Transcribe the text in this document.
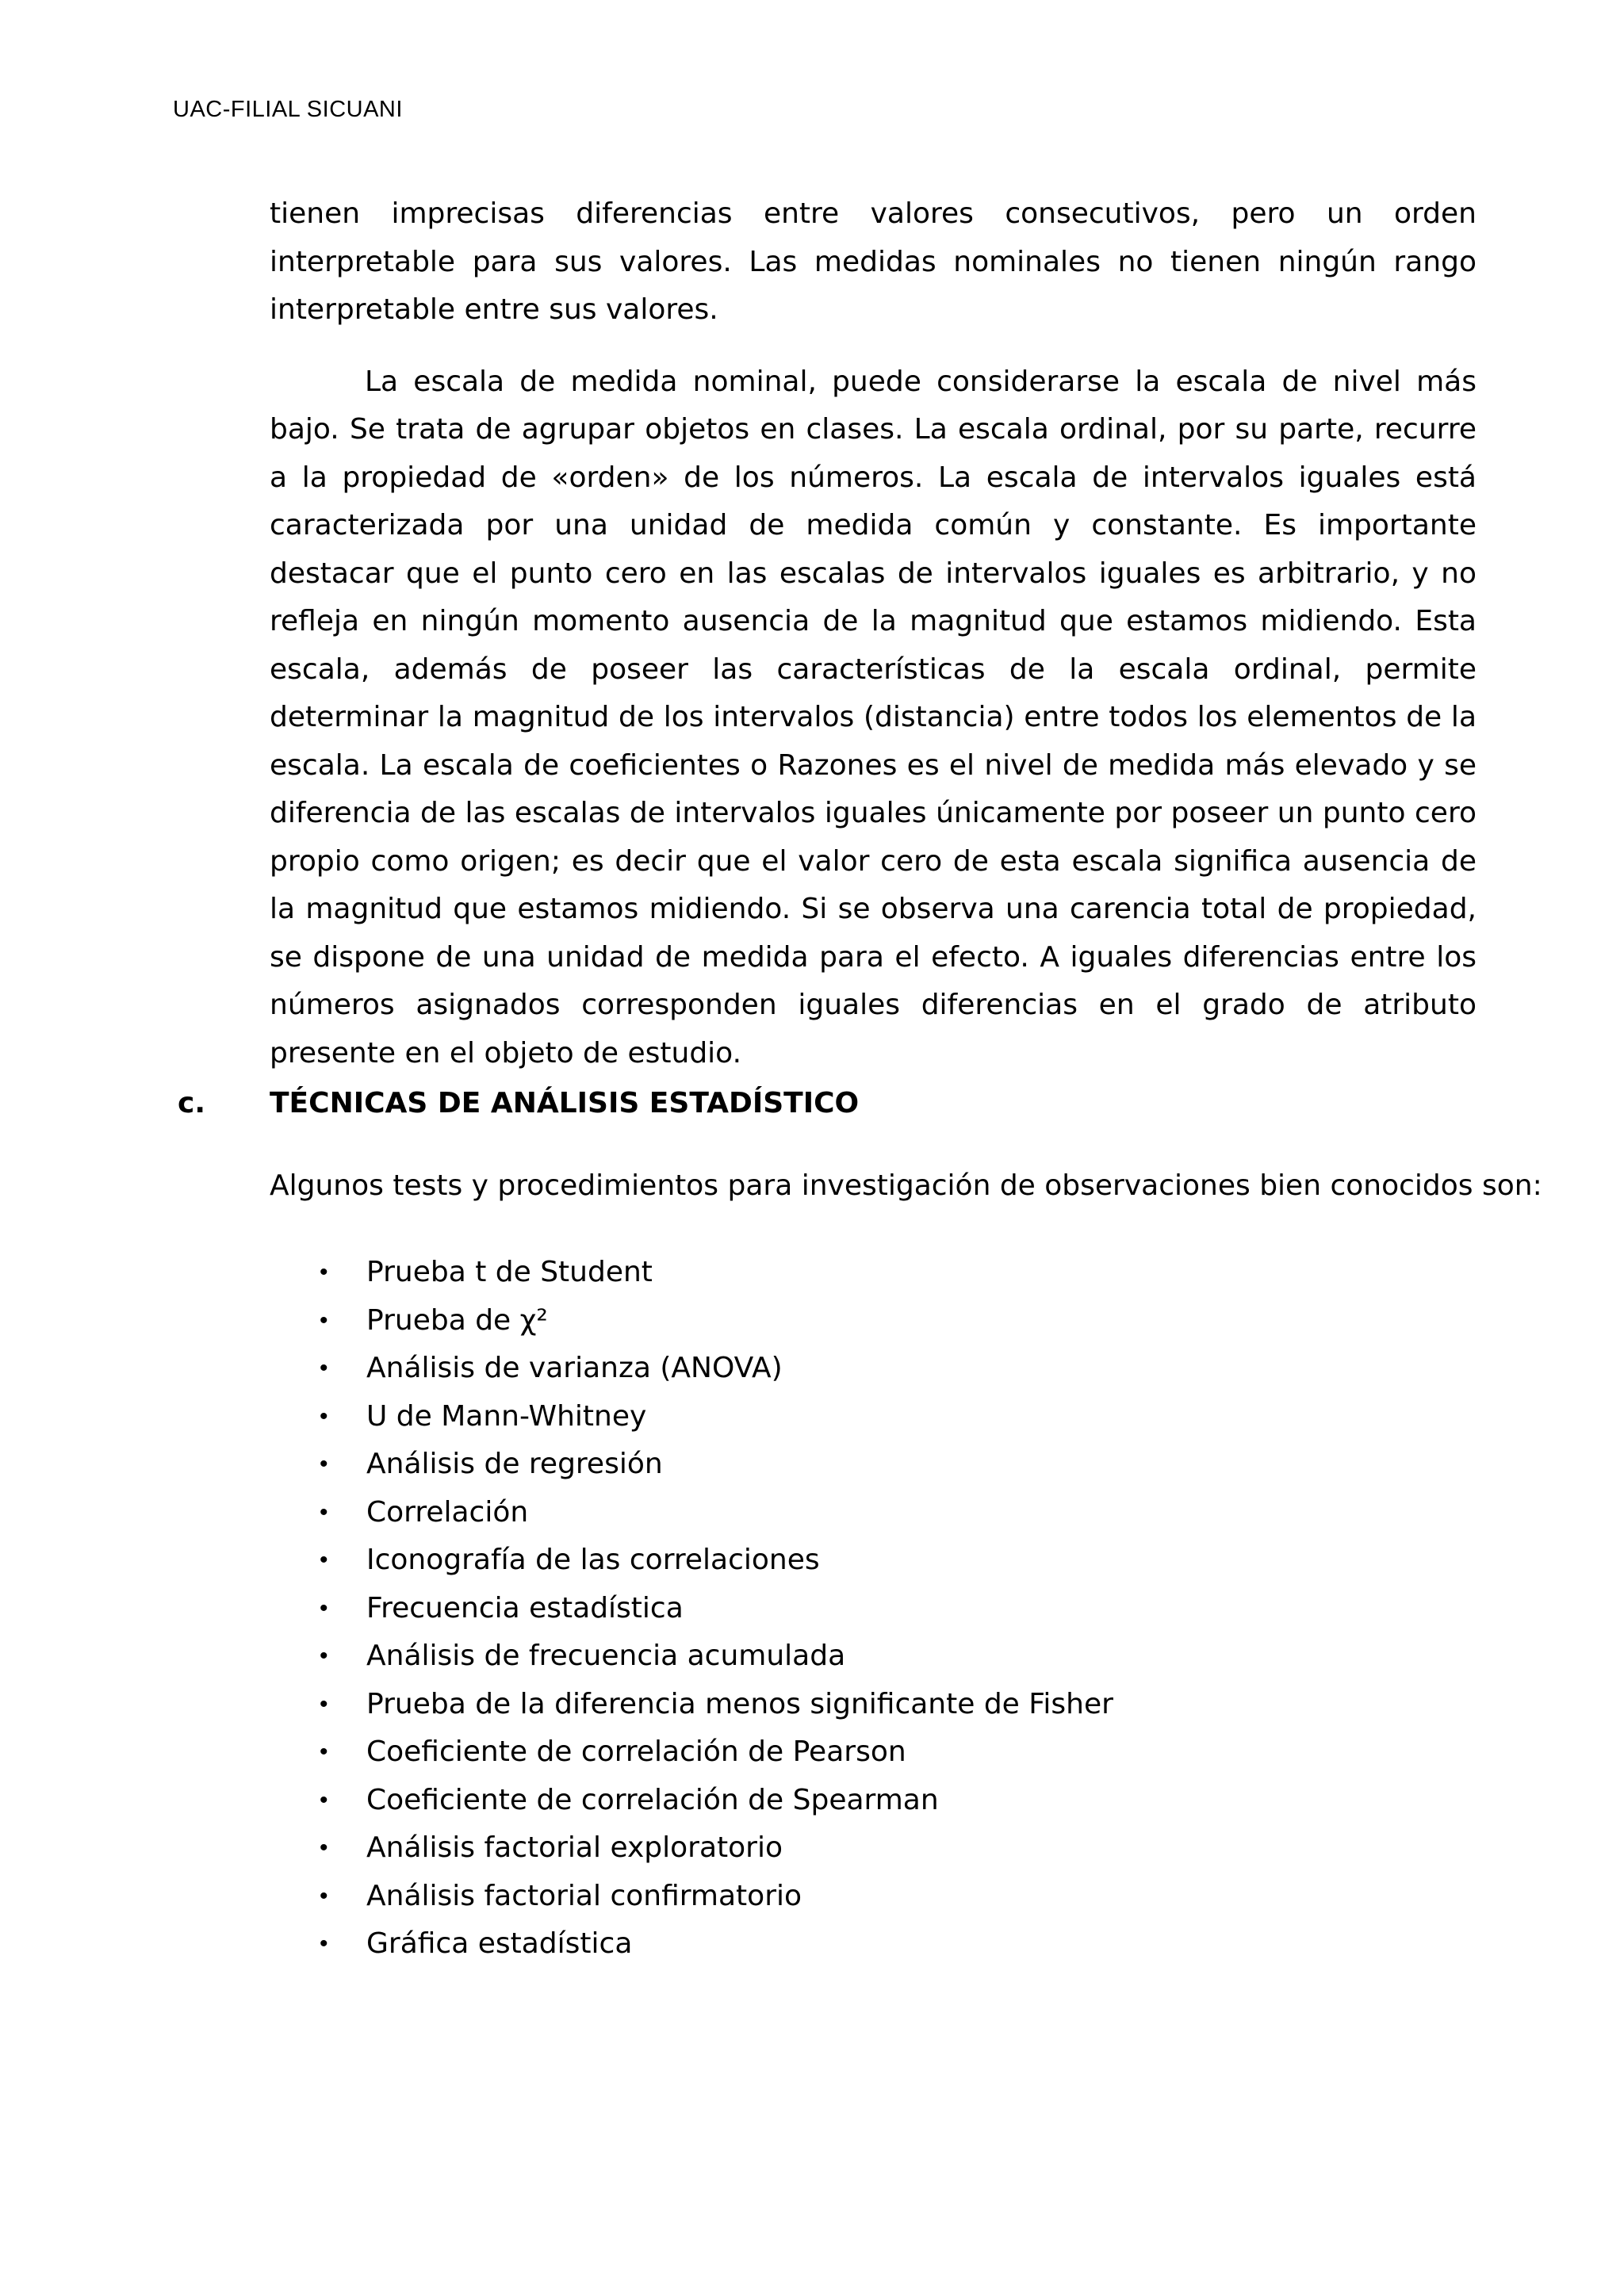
UAC-FILIAL SICUANI

tienen imprecisas diferencias entre valores consecutivos, pero un orden interpretable para sus valores. Las medidas nominales no tienen ningún rango interpretable entre sus valores.

La escala de medida nominal, puede considerarse la escala de nivel más bajo. Se trata de agrupar objetos en clases. La escala ordinal, por su parte, recurre a la propiedad de «orden» de los números. La escala de intervalos iguales está caracterizada por una unidad de medida común y constante. Es importante destacar que el punto cero en las escalas de intervalos iguales es arbitrario, y no refleja en ningún momento ausencia de la magnitud que estamos midiendo. Esta escala, además de poseer las características de la escala ordinal, permite determinar la magnitud de los intervalos (distancia) entre todos los elementos de la escala. La escala de coeficientes o Razones es el nivel de medida más elevado y se diferencia de las escalas de intervalos iguales únicamente por poseer un punto cero propio como origen; es decir que el valor cero de esta escala significa ausencia de la magnitud que estamos midiendo. Si se observa una carencia total de propiedad, se dispone de una unidad de medida para el efecto. A iguales diferencias entre los números asignados corresponden iguales diferencias en el grado de atributo presente en el objeto de estudio.

c. TÉCNICAS DE ANÁLISIS ESTADÍSTICO
Algunos tests y procedimientos para investigación de observaciones bien conocidos son:
• Prueba t de Student
• Prueba de χ²
• Análisis de varianza (ANOVA)
• U de Mann-Whitney
• Análisis de regresión
• Correlación
• Iconografía de las correlaciones
• Frecuencia estadística
• Análisis de frecuencia acumulada
• Prueba de la diferencia menos significante de Fisher
• Coeficiente de correlación de Pearson
• Coeficiente de correlación de Spearman
• Análisis factorial exploratorio
• Análisis factorial confirmatorio
• Gráfica estadística
